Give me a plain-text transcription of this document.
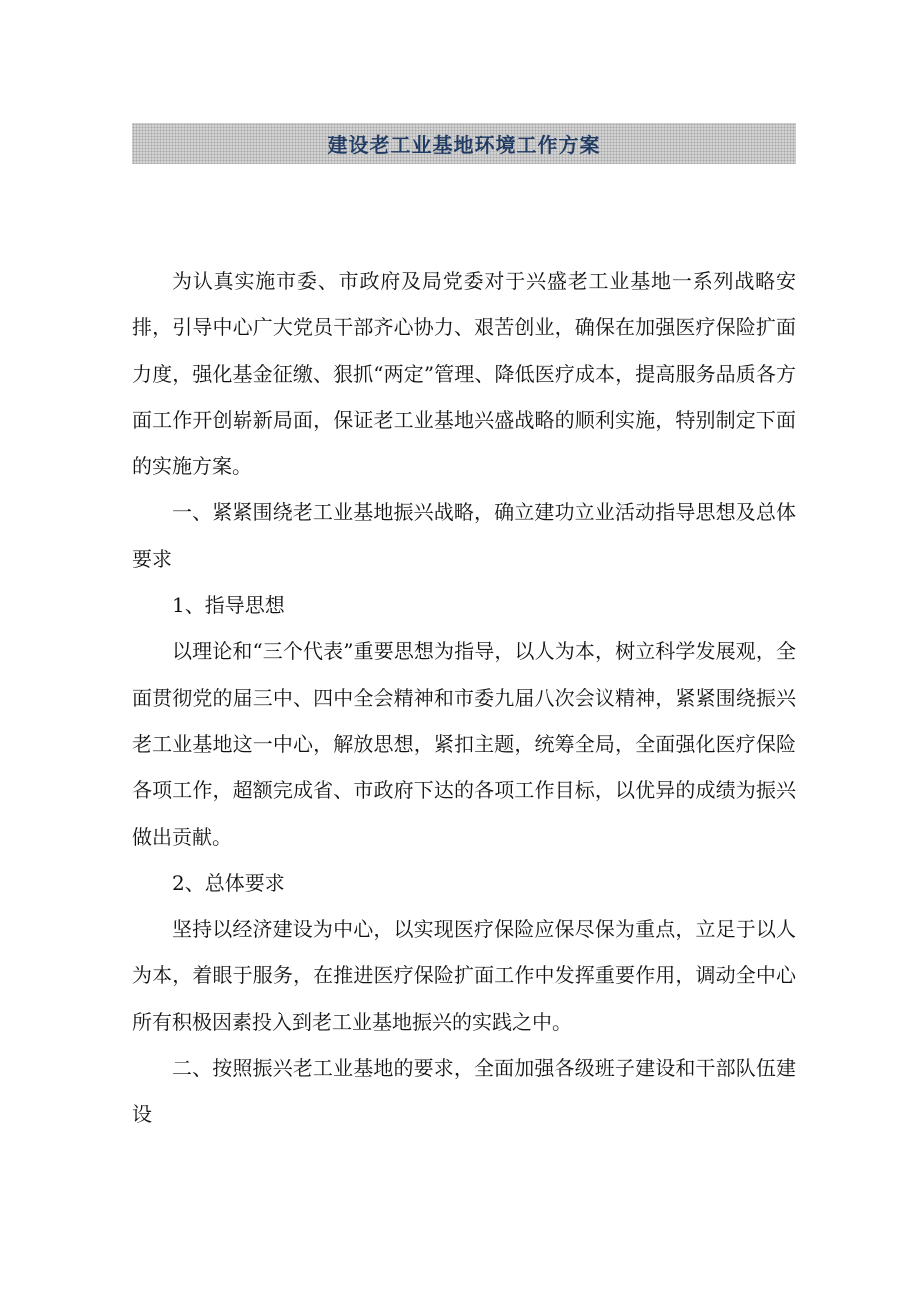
建设老工业基地环境工作方案

为认真实施市委、市政府及局党委对于兴盛老工业基地一系列战略安排，引导中心广大党员干部齐心协力、艰苦创业，确保在加强医疗保险扩面力度，强化基金征缴、狠抓“两定”管理、降低医疗成本，提高服务品质各方面工作开创崭新局面，保证老工业基地兴盛战略的顺利实施，特别制定下面的实施方案。

一、紧紧围绕老工业基地振兴战略，确立建功立业活动指导思想及总体要求

1、指导思想

以理论和“三个代表”重要思想为指导，以人为本，树立科学发展观，全面贯彻党的届三中、四中全会精神和市委九届八次会议精神，紧紧围绕振兴老工业基地这一中心，解放思想，紧扣主题，统筹全局，全面强化医疗保险各项工作，超额完成省、市政府下达的各项工作目标，以优异的成绩为振兴做出贡献。

2、总体要求

坚持以经济建设为中心，以实现医疗保险应保尽保为重点，立足于以人为本，着眼于服务，在推进医疗保险扩面工作中发挥重要作用，调动全中心所有积极因素投入到老工业基地振兴的实践之中。

二、按照振兴老工业基地的要求，全面加强各级班子建设和干部队伍建设
